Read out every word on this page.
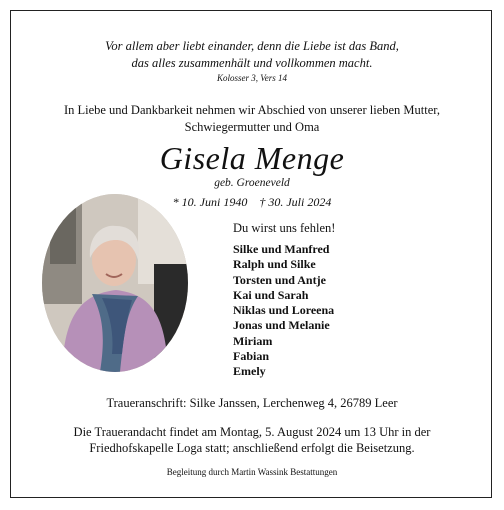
Vor allem aber liebt einander, denn die Liebe ist das Band,
das alles zusammenhält und vollkommen macht.
Kolosser 3, Vers 14
In Liebe und Dankbarkeit nehmen wir Abschied von unserer lieben Mutter,
Schwiegermutter und Oma
Gisela Menge
geb. Groeneveld
* 10. Juni 1940    † 30. Juli 2024
Du wirst uns fehlen!
Silke und Manfred
Ralph und Silke
Torsten und Antje
Kai und Sarah
Niklas und Loreena
Jonas und Melanie
Miriam
Fabian
Emely
Traueranschrift: Silke Janssen, Lerchenweg 4, 26789 Leer
Die Trauerandacht findet am Montag, 5. August 2024 um 13 Uhr in der
Friedhofskapelle Loga statt; anschließend erfolgt die Beisetzung.
Begleitung durch Martin Wassink Bestattungen
